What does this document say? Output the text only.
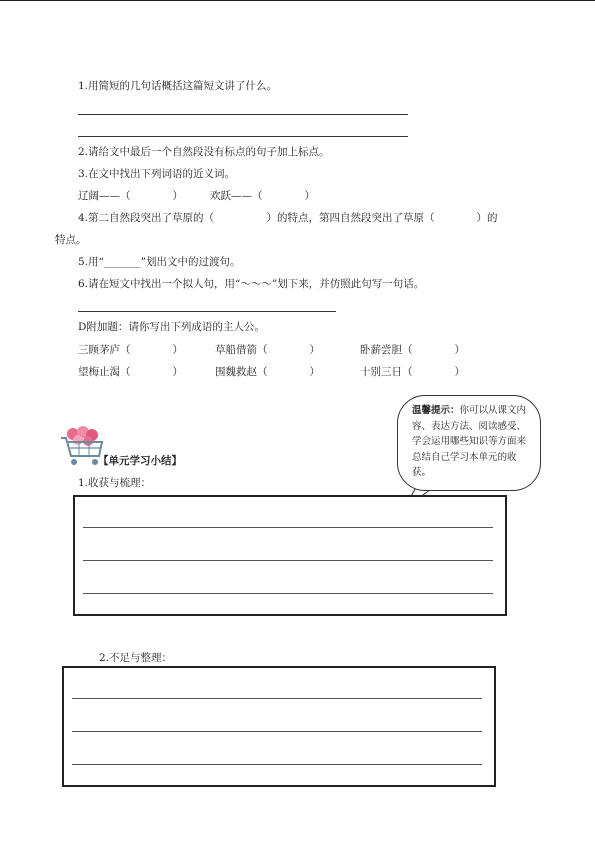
1.用简短的几句话概括这篇短文讲了什么。
2.请给文中最后一个自然段没有标点的句子加上标点。
3.在文中找出下列词语的近义词。
辽阔——（　　　　）	欢跃——（　　　　）
4.第二自然段突出了草原的（　　　　　）的特点，第四自然段突出了草原（　　　　）的
特点。
5.用“_______”划出文中的过渡句。
6.请在短文中找出一个拟人句，用“～～～”划下来，并仿照此句写一句话。
D附加题：请你写出下列成语的主人公。
三顾茅庐（　　　　）	草船借箭（　　　　）	卧薪尝胆（　　　　）
望梅止渴（　　　　）	围魏救赵（　　　　）	十别三日（　　　　）
温馨提示：你可以从课文内容、表达方法、阅读感受、学会运用哪些知识等方面来总结自己学习本单元的收获。
【单元学习小结】
1.收获与梳理：
2.不足与整理：
